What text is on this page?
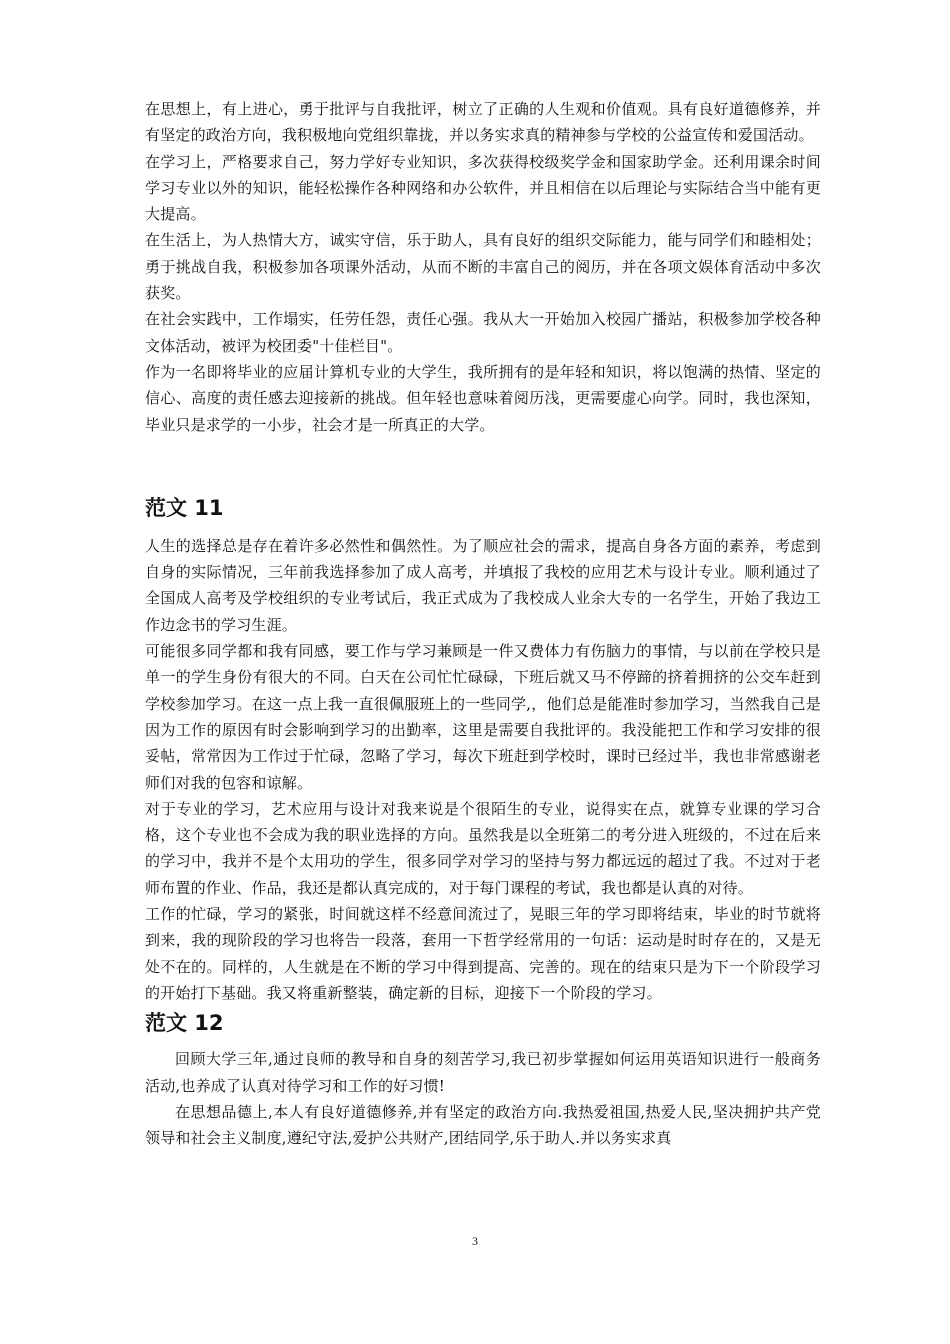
在思想上，有上进心，勇于批评与自我批评，树立了正确的人生观和价值观。具有良好道德修养，并有坚定的政治方向，我积极地向党组织靠拢，并以务实求真的精神参与学校的公益宣传和爱国活动。

在学习上，严格要求自己，努力学好专业知识，多次获得校级奖学金和国家助学金。还利用课余时间学习专业以外的知识，能轻松操作各种网络和办公软件，并且相信在以后理论与实际结合当中能有更大提高。

在生活上，为人热情大方，诚实守信，乐于助人，具有良好的组织交际能力，能与同学们和睦相处；勇于挑战自我，积极参加各项课外活动，从而不断的丰富自己的阅历，并在各项文娱体育活动中多次获奖。

在社会实践中，工作塌实，任劳任怨，责任心强。我从大一开始加入校园广播站，积极参加学校各种文体活动，被评为校团委"十佳栏目"。

作为一名即将毕业的应届计算机专业的大学生，我所拥有的是年轻和知识，将以饱满的热情、坚定的信心、高度的责任感去迎接新的挑战。但年轻也意味着阅历浅，更需要虚心向学。同时，我也深知，毕业只是求学的一小步，社会才是一所真正的大学。

范文 11

人生的选择总是存在着许多必然性和偶然性。为了顺应社会的需求，提高自身各方面的素养，考虑到自身的实际情况，三年前我选择参加了成人高考，并填报了我校的应用艺术与设计专业。顺利通过了全国成人高考及学校组织的专业考试后，我正式成为了我校成人业余大专的一名学生，开始了我边工作边念书的学习生涯。

可能很多同学都和我有同感，要工作与学习兼顾是一件又费体力有伤脑力的事情，与以前在学校只是单一的学生身份有很大的不同。白天在公司忙忙碌碌，下班后就又马不停蹄的挤着拥挤的公交车赶到学校参加学习。在这一点上我一直很佩服班上的一些同学,，他们总是能准时参加学习，当然我自己是因为工作的原因有时会影响到学习的出勤率，这里是需要自我批评的。我没能把工作和学习安排的很妥帖，常常因为工作过于忙碌，忽略了学习，每次下班赶到学校时，课时已经过半，我也非常感谢老师们对我的包容和谅解。

对于专业的学习，艺术应用与设计对我来说是个很陌生的专业，说得实在点，就算专业课的学习合格，这个专业也不会成为我的职业选择的方向。虽然我是以全班第二的考分进入班级的，不过在后来的学习中，我并不是个太用功的学生，很多同学对学习的坚持与努力都远远的超过了我。不过对于老师布置的作业、作品，我还是都认真完成的，对于每门课程的考试，我也都是认真的对待。

工作的忙碌，学习的紧张，时间就这样不经意间流过了，晃眼三年的学习即将结束，毕业的时节就将到来，我的现阶段的学习也将告一段落，套用一下哲学经常用的一句话：运动是时时存在的，又是无处不在的。同样的，人生就是在不断的学习中得到提高、完善的。现在的结束只是为下一个阶段学习的开始打下基础。我又将重新整装，确定新的目标，迎接下一个阶段的学习。

范文 12

回顾大学三年,通过良师的教导和自身的刻苦学习,我已初步掌握如何运用英语知识进行一般商务活动,也养成了认真对待学习和工作的好习惯!

在思想品德上,本人有良好道德修养,并有坚定的政治方向.我热爱祖国,热爱人民,坚决拥护共产党领导和社会主义制度,遵纪守法,爱护公共财产,团结同学,乐于助人.并以务实求真

3
